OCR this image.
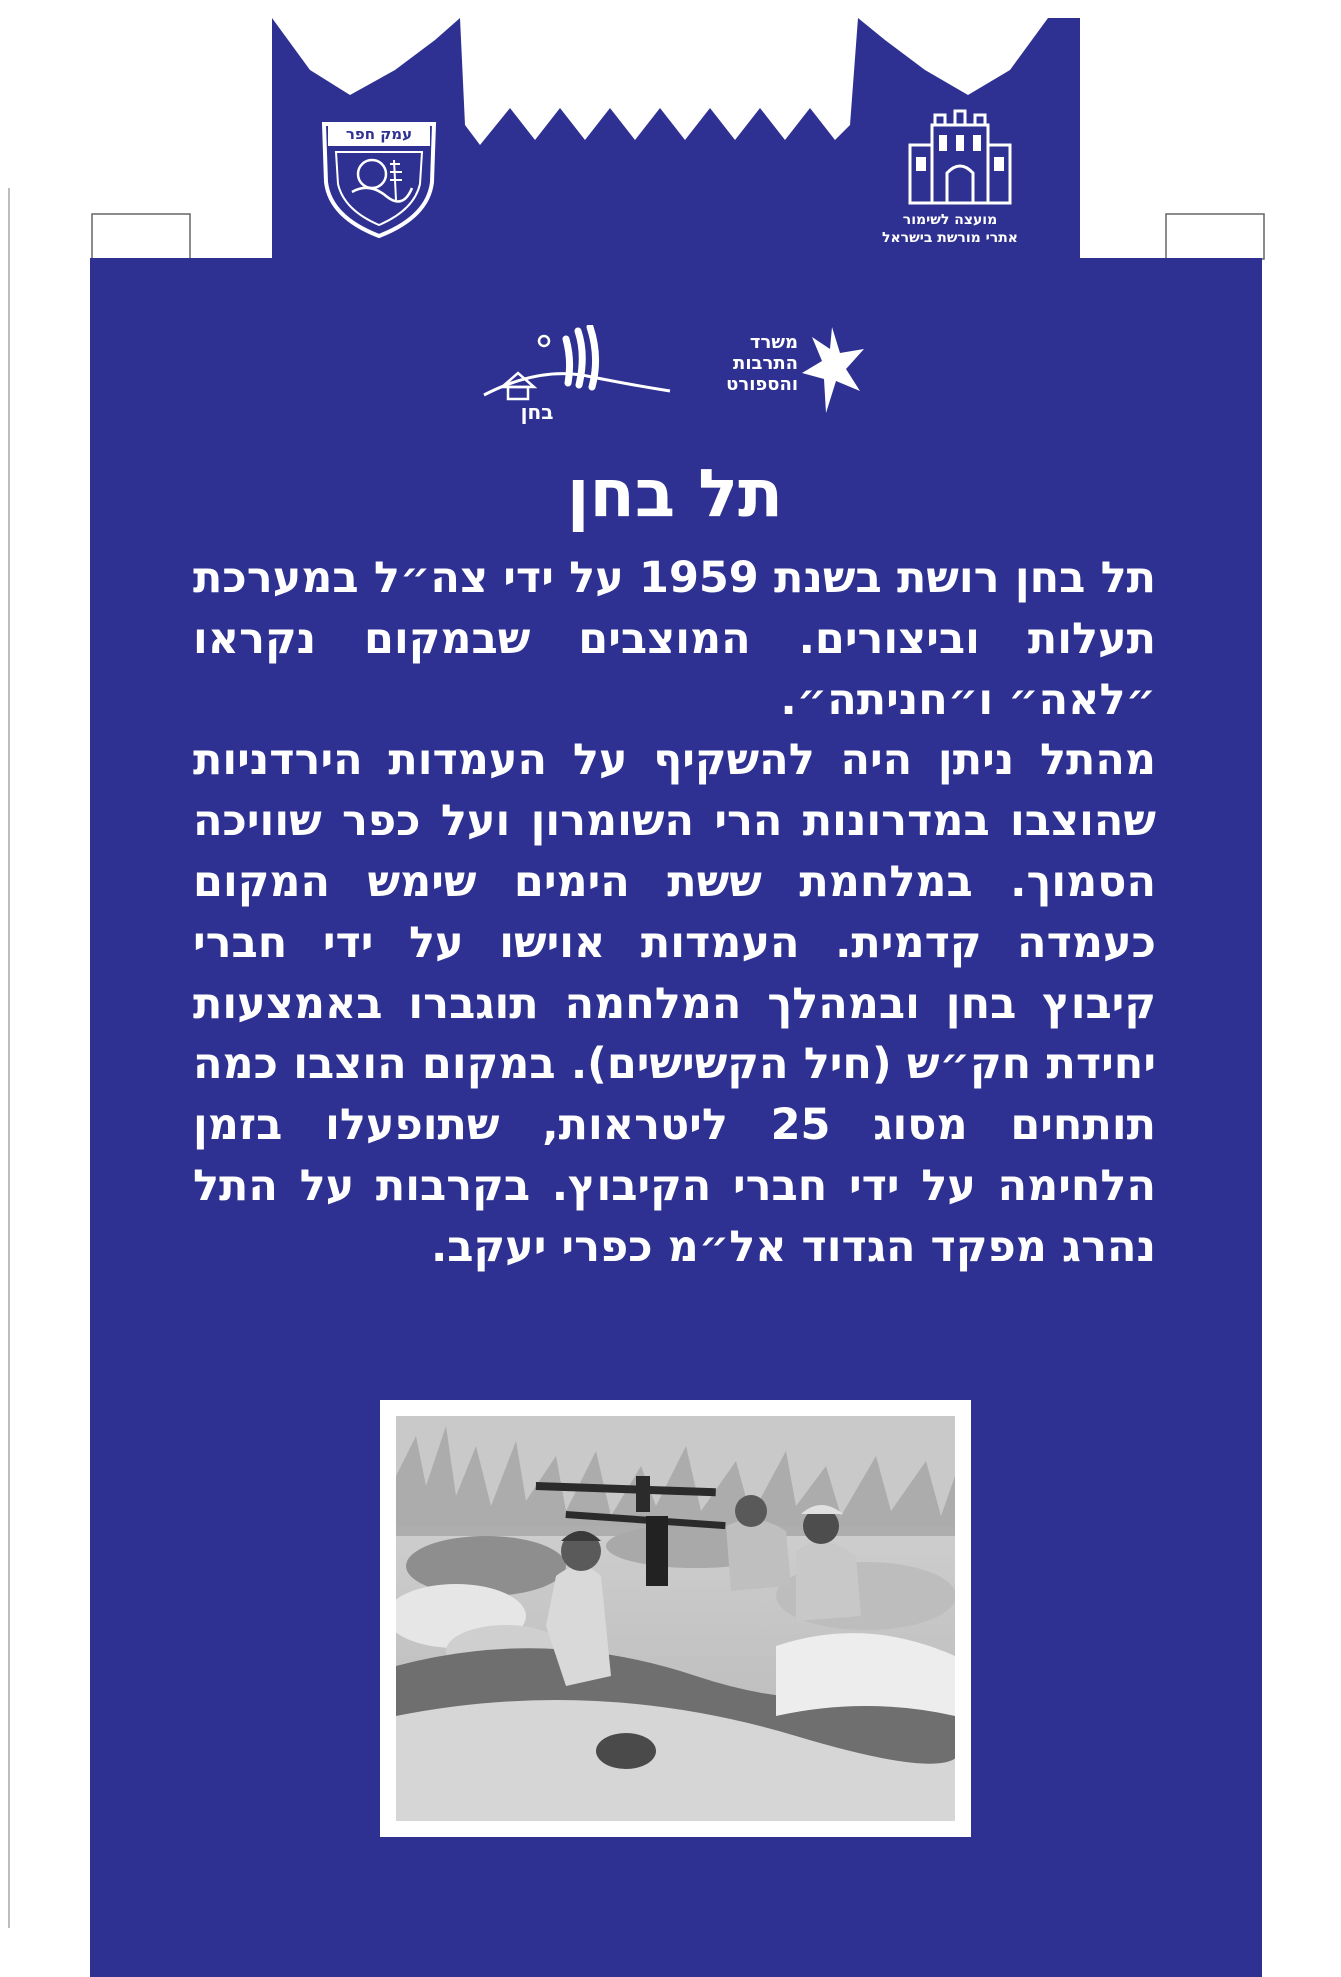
עמק חפר
מועצה לשימור
אתרי מורשת בישראל
בחן
משרד
התרבות
והספורט
תל בחן

תל בחן רושת בשנת 1959 על ידי צה״ל במערכת תעלות וביצורים. המוצבים שבמקום נקראו ״לאה״ ו״חניתה״.

מהתל ניתן היה להשקיף על העמדות הירדניות שהוצבו במדרונות הרי השומרון ועל כפר שוויכה הסמוך. במלחמת ששת הימים שימש המקום כעמדה קדמית. העמדות אוישו על ידי חברי קיבוץ בחן ובמהלך המלחמה תוגברו באמצעות יחידת חק״ש (חיל הקשישים). במקום הוצבו כמה תותחים מסוג 25 ליטראות, שתופעלו בזמן הלחימה על ידי חברי הקיבוץ. בקרבות על התל נהרג מפקד הגדוד אל״מ כפרי יעקב.
